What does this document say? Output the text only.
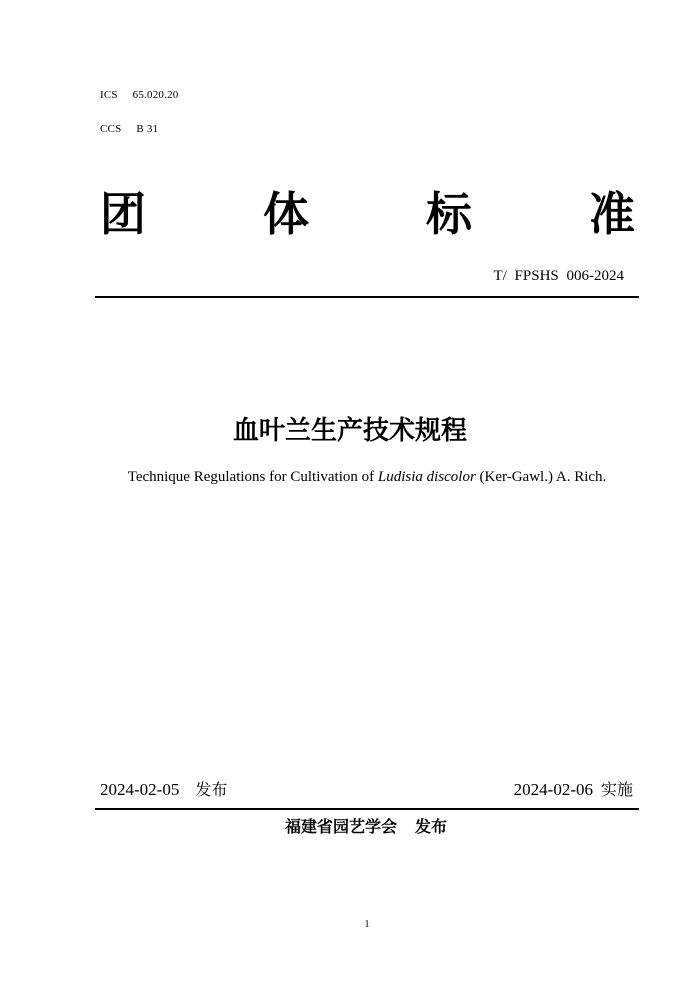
ICS 65.020.20
CCS B 31
团	体	标	准
T/ FPSHS 006-2024
血叶兰生产技术规程
Technique Regulations for Cultivation of Ludisia discolor (Ker-Gawl.) A. Rich.
2024-02-05 发布	2024-02-06 实施
福建省园艺学会 发布
1
